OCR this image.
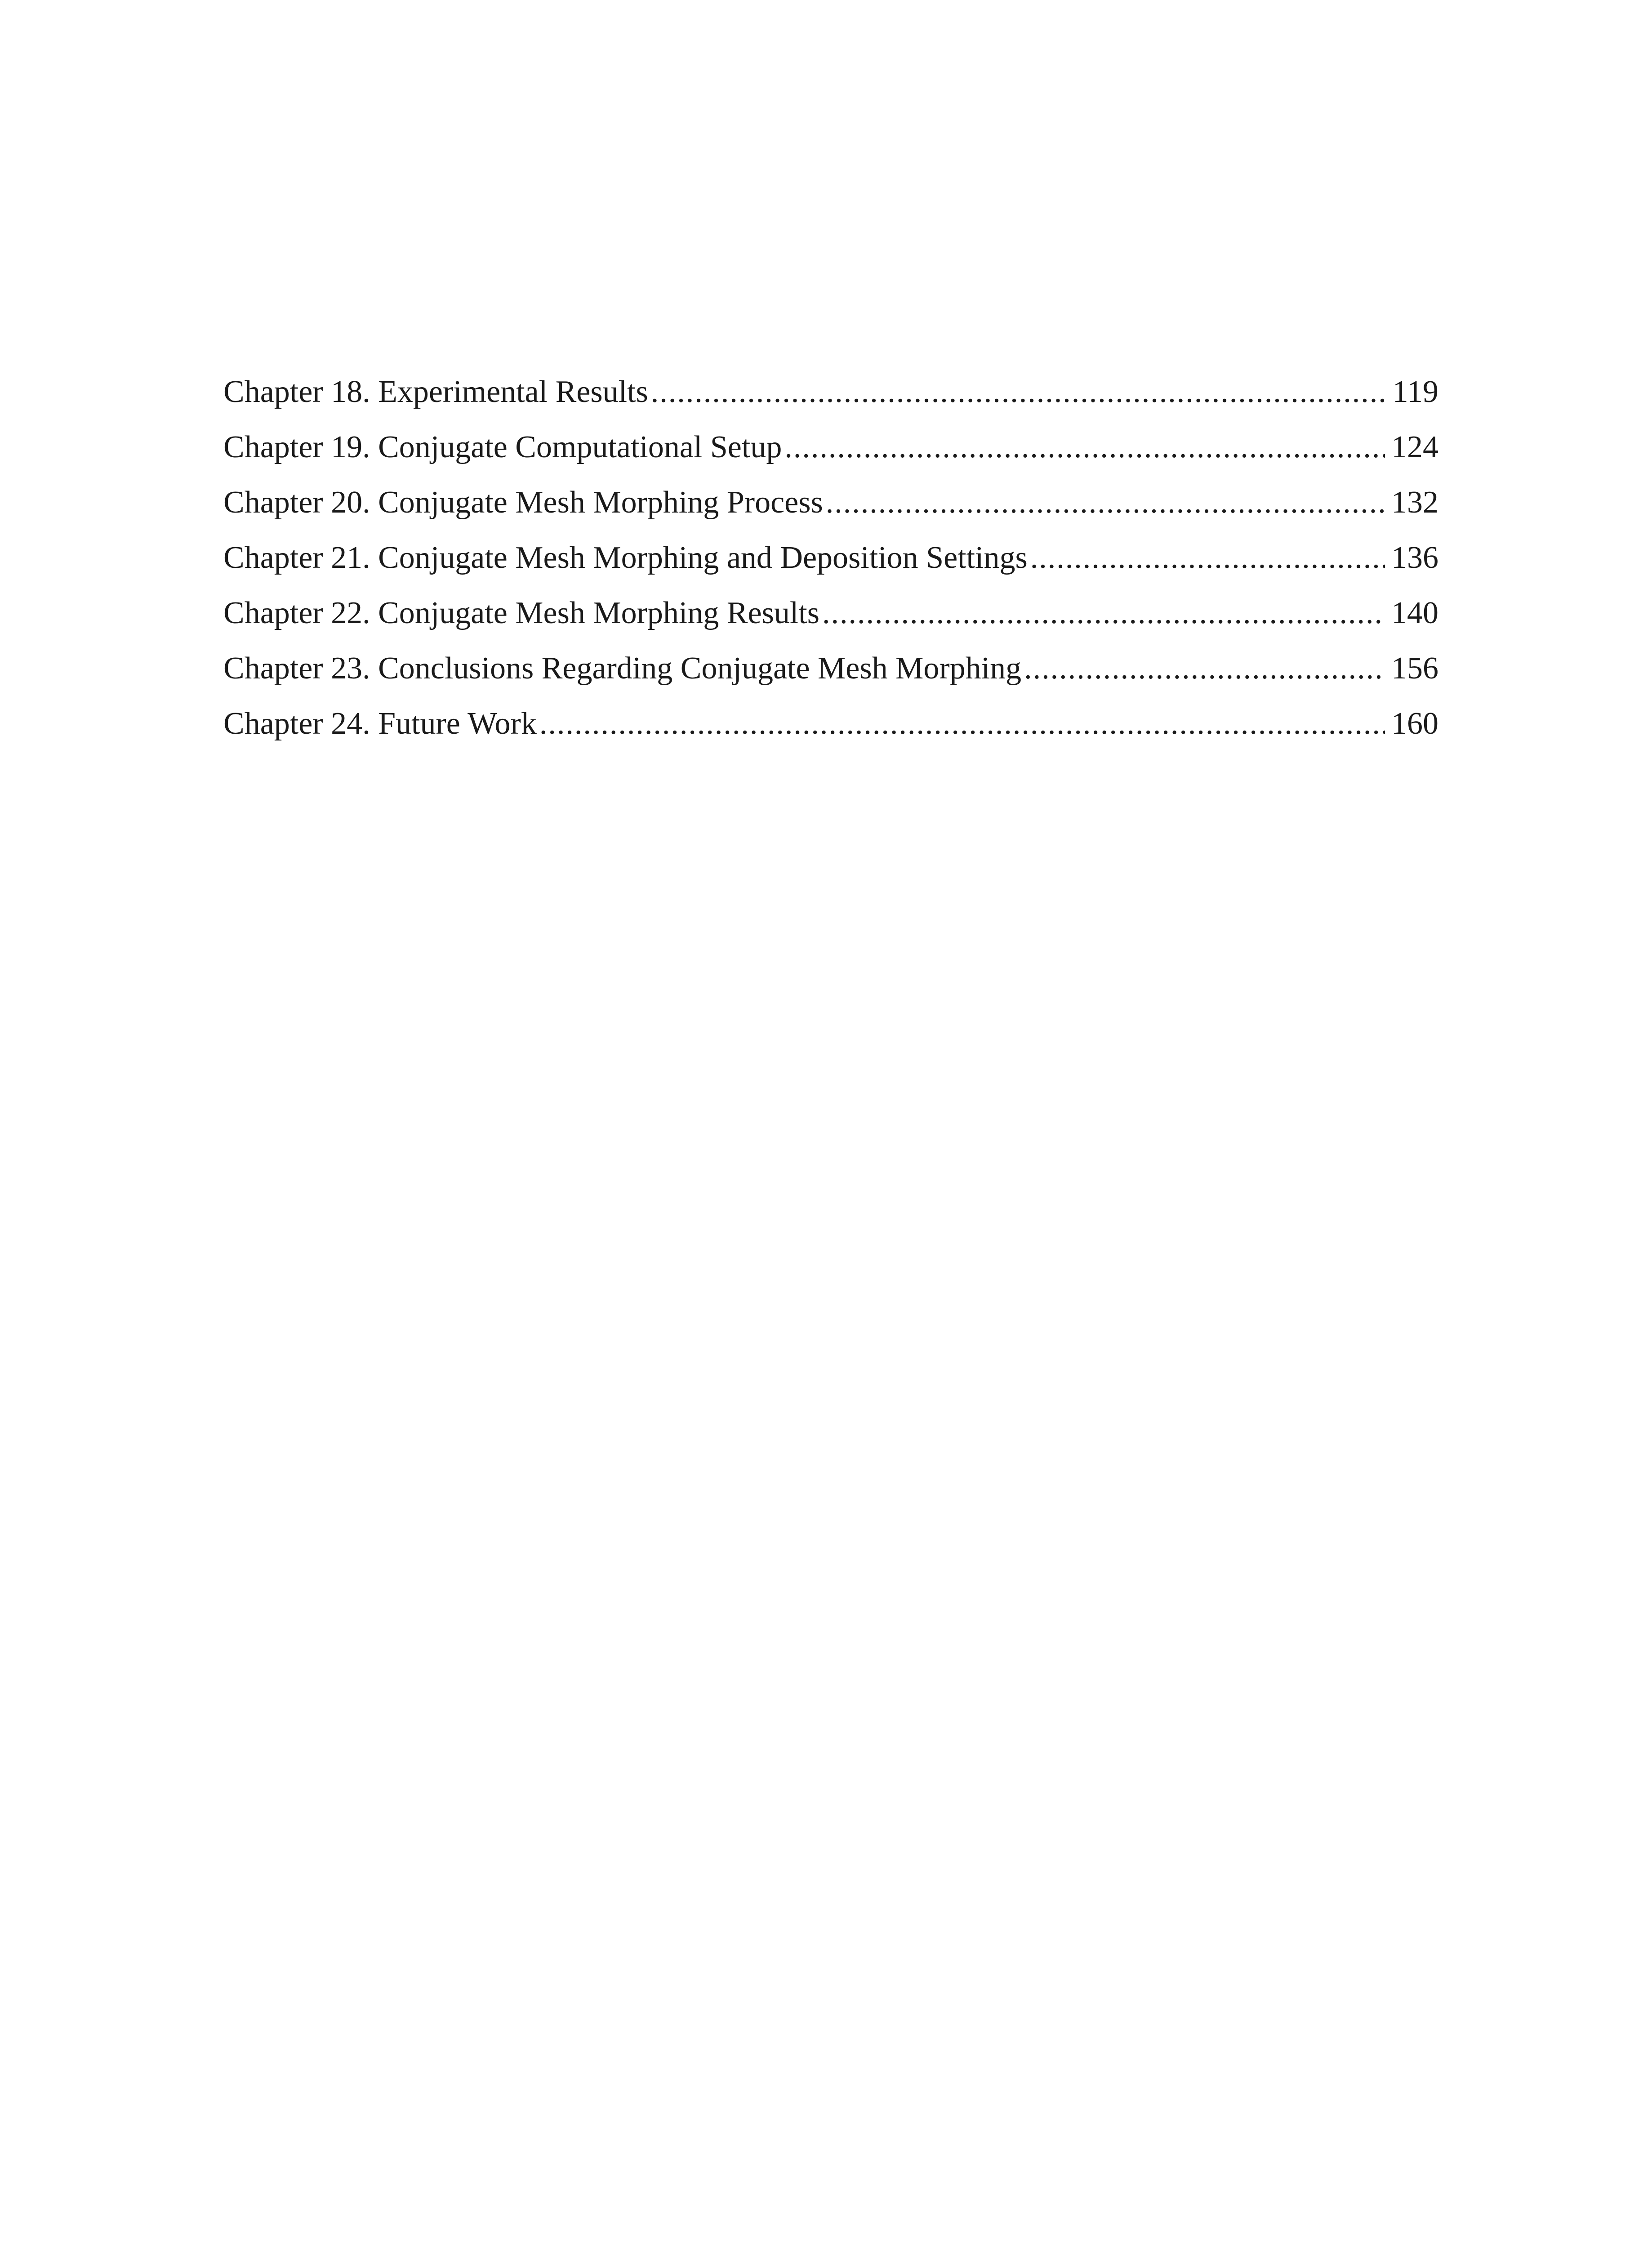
Chapter 18. Experimental Results .....	119
Chapter 19. Conjugate Computational Setup .....	124
Chapter 20. Conjugate Mesh Morphing Process .....	132
Chapter 21. Conjugate Mesh Morphing and Deposition Settings .....	136
Chapter 22. Conjugate Mesh Morphing Results .....	140
Chapter 23. Conclusions Regarding Conjugate Mesh Morphing .....	156
Chapter 24. Future Work .....	160
